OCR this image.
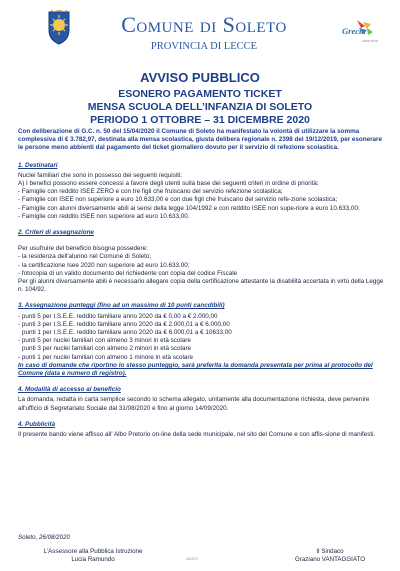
Comune di Soleto
PROVINCIA DI LECCE
Grecìa
salentina
AVVISO PUBBLICO
ESONERO PAGAMENTO TICKET
MENSA SCUOLA DELL’INFANZIA DI SOLETO
PERIODO 1 OTTOBRE – 31 DICEMBRE 2020
Con deliberazione di G.C. n. 50 del 15/04/2020 il Comune di Soleto ha manifestato la volontà di utilizzare la somma complessiva di € 3.782,97, destinata alla mensa scolastica, giusta delibera regionale n. 2398 del 19/12/2019, per esonerare le persone meno abbienti dal pagamento del ticket giornaliero dovuto per il servizio di refezione scolastica.
1. Destinatari
Nuclei familiari che sono in possesso dei seguenti requisiti:
A) I benefici possono essere concessi a favore degli utenti sulla base dei seguenti criteri in ordine di priorità:
- Famiglie con reddito ISEE ZERO e con tre figli che fruiscano del servizio refezione scolastica;
- Famiglie con ISEE non superiore a euro 10.633,00 e con due figli che fruiscano del servizio refe-zione scolastica;
- Famiglie con alunni diversamente abili ai sensi della legge 104/1992 e con reddito ISEE non supe-riore a euro 10.633,00;
- Famiglie con reddito ISEE non superiore ad euro 10.633,00.
2. Criteri di assegnazione
Per usufruire del beneficio bisogna possedere:
- la residenza dell'alunno nel Comune di Soleto;
- la certificazione Isee 2020 non superiore ad euro 10.633,00;
- fotocopia di un valido documento del richiedente con copia del codice Fiscale
Per gli alunni diversamente abili è necessario allegare copia della certificazione attestante la disabilità accertata in virtù della Legge n. 104/92.
3. Assegnazione punteggi (fino ad un massimo di 10 punti cancdibili)
- punti 5 per I.S.E.E. reddito familiare anno 2020 da € 0,00 a € 2.000,00
- punti 3 per I.S.E.E. reddito familiare anno 2020 da € 2.000,01 a € 6.000,00
punti 1 per I.S.E.E. reddito familiare anno 2020 da € 6.000,01 a € 10633,00
- punti 5 per nuclei familiari con almeno 3 minori in età scolare
punti 3 per nuclei familiari con almeno 2 minori in età scolare
- punti 1 per nuclei familiari con almeno 1 minore in età scolare
In caso di domande che riportino lo stesso punteggio, sarà preferita la domanda presentata per prima al protocollo del Comune (data e numero di registro).
4. Modalità di accesso al beneficio
La domanda, redatta in carta semplice secondo lo schema allegato, unitamente alla documentazione richiesta, deve pervenire all'ufficio di Segretariato Sociale dal 31/08/2020 e fino al giorno 14/09/2020.
4. Pubblicità
Il presente bando viene affisso all' Albo Pretorio on-line della sede municipale, nel sito del Comune e con affis-sione di manifesti.
Soleto, 26/08/2020
L'Assessore alla Pubblica Istruzione
Lucia Ramundo
Il Sindaco
Graziano VANTAGGIATO
AMATO
